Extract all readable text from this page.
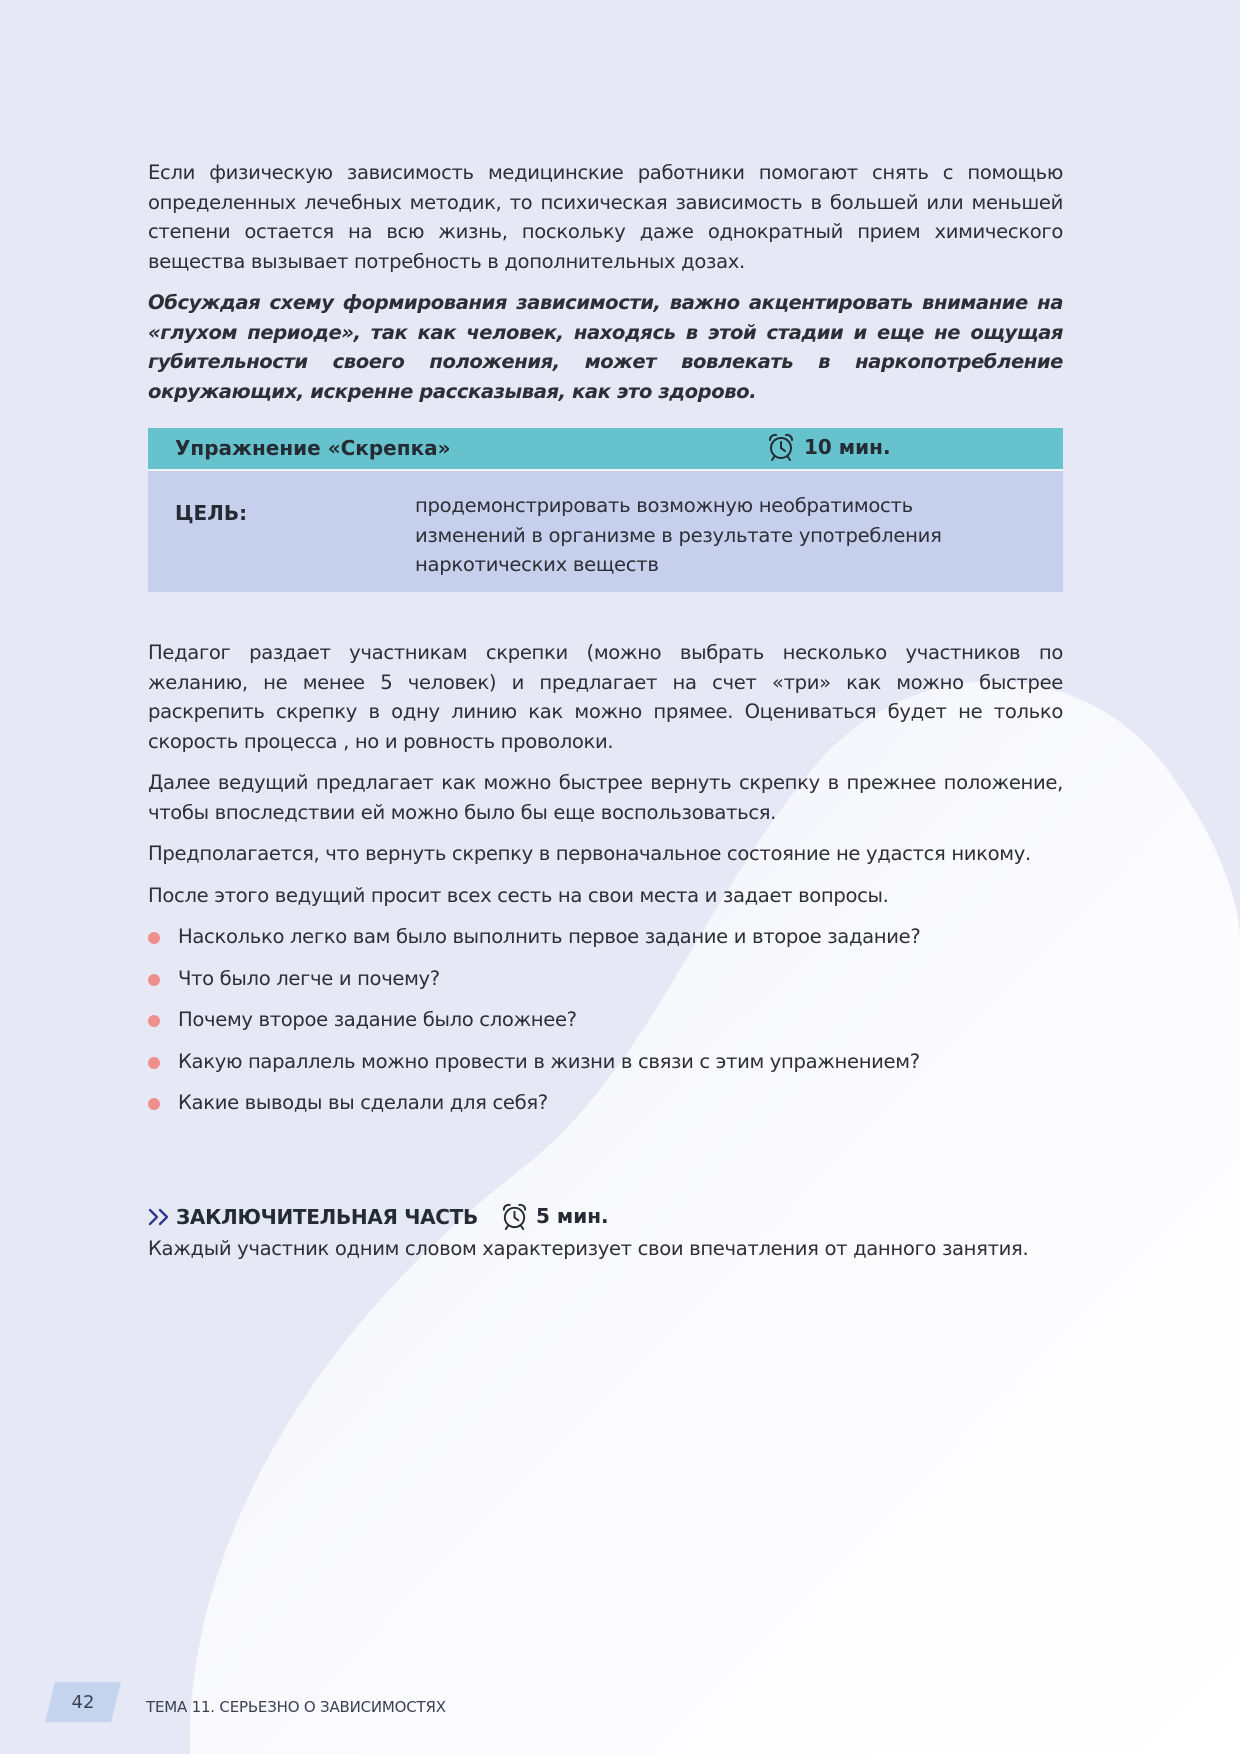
Если физическую зависимость медицинские работники помогают снять с помощью определенных лечебных методик, то психическая зависимость в большей или меньшей степени остается на всю жизнь, поскольку даже однократный прием химического вещества вызывает потребность в дополнительных дозах.

Обсуждая схему формирования зависимости, важно акцентировать внимание на «глухом периоде», так как человек, находясь в этой стадии и еще не ощущая губительности своего положения, может вовлекать в наркопотребление окружающих, искренне рассказывая, как это здорово.

Упражнение «Скрепка»	10 мин.
ЦЕЛЬ:	продемонстрировать возможную необратимость изменений в организме в результате употребления наркотических веществ

Педагог раздает участникам скрепки (можно выбрать несколько участников по желанию, не менее 5 человек) и предлагает на счет «три» как можно быстрее раскрепить скрепку в одну линию как можно прямее. Оцениваться будет не только скорость процесса , но и ровность проволоки.

Далее ведущий предлагает как можно быстрее вернуть скрепку в прежнее положение, чтобы впоследствии ей можно было бы еще воспользоваться.

Предполагается, что вернуть скрепку в первоначальное состояние не удастся никому.

После этого ведущий просит всех сесть на свои места и задает вопросы.

Насколько легко вам было выполнить первое задание и второе задание?
Что было легче и почему?
Почему второе задание было сложнее?
Какую параллель можно провести в жизни в связи с этим упражнением?
Какие выводы вы сделали для себя?
ЗАКЛЮЧИТЕЛЬНАЯ ЧАСТЬ	5 мин.

Каждый участник одним словом характеризует свои впечатления от данного занятия.

42	ТЕМА 11. СЕРЬЕЗНО О ЗАВИСИМОСТЯХ
